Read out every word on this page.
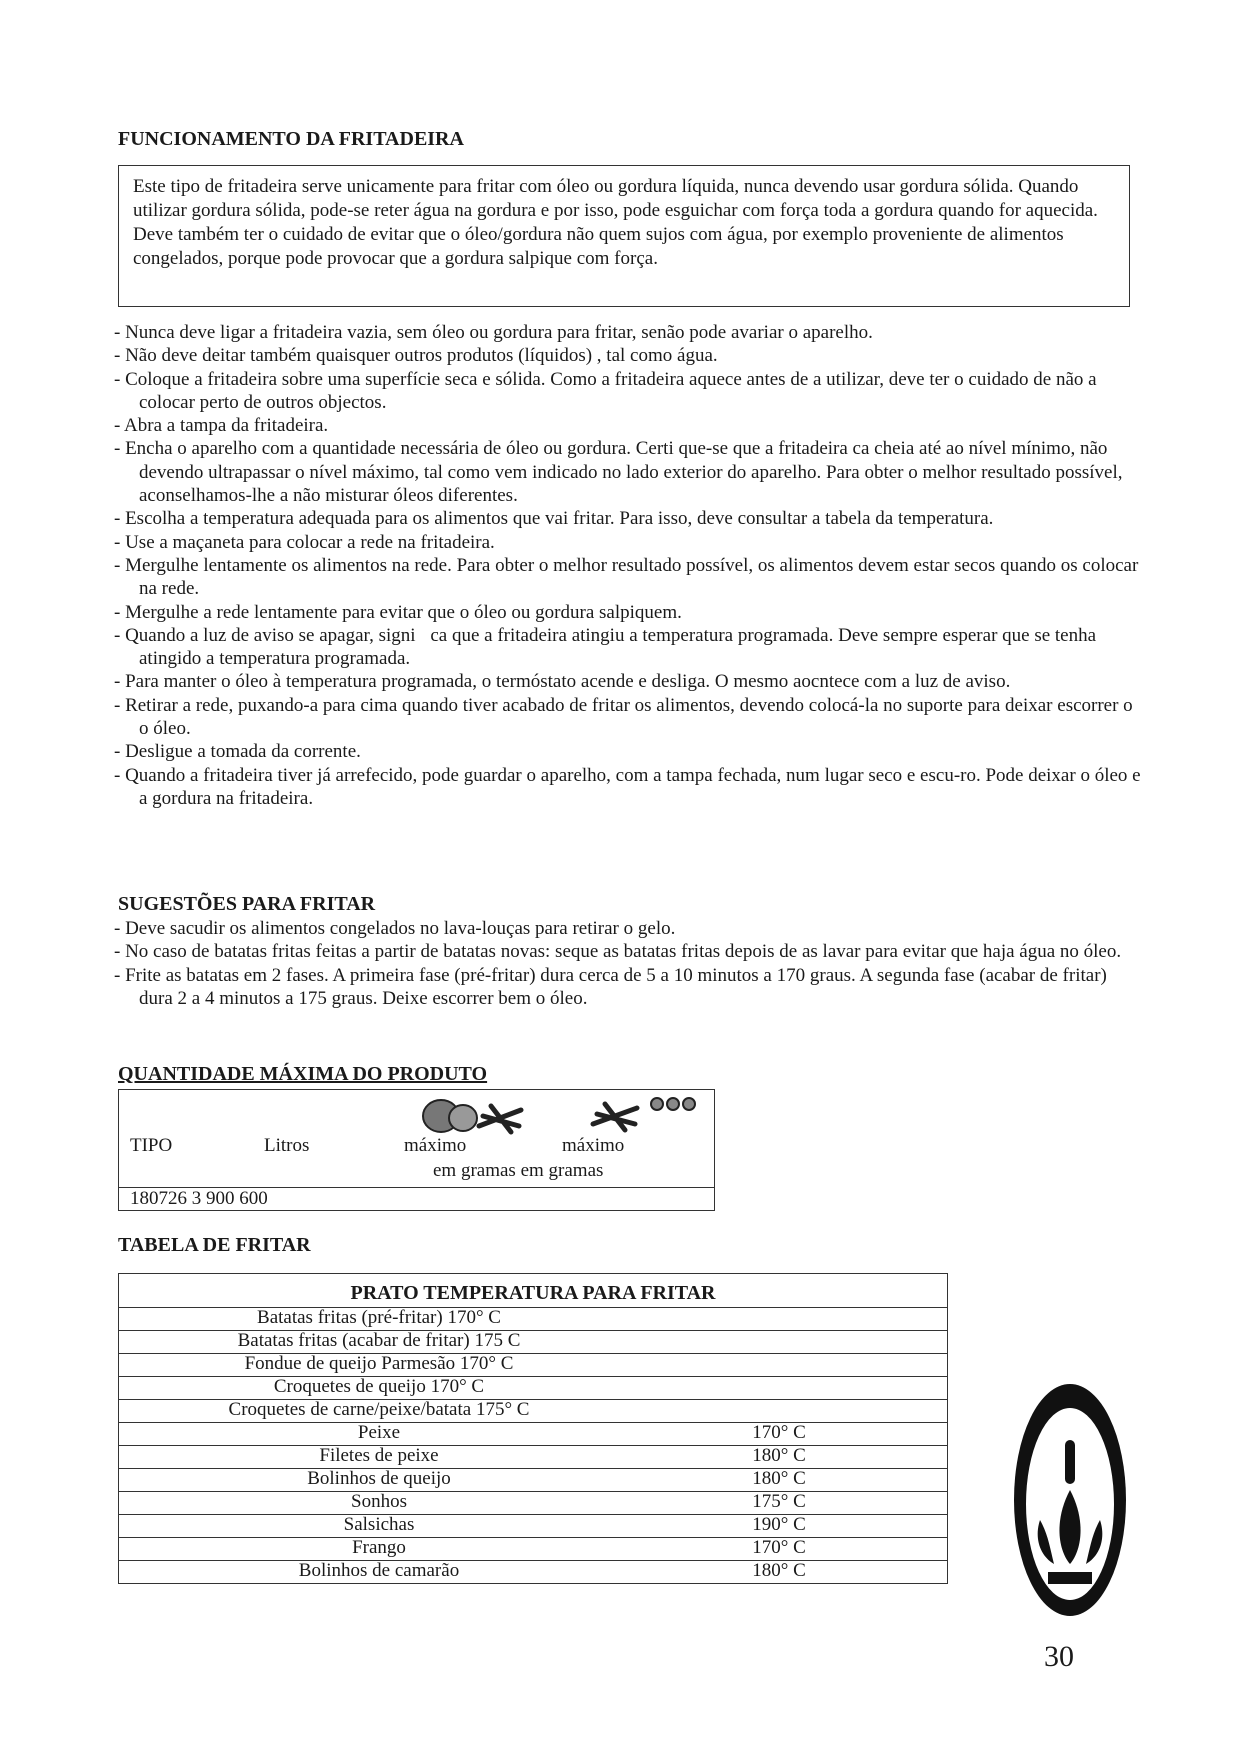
FUNCIONAMENTO DA FRITADEIRA

Este tipo de fritadeira serve unicamente para fritar com óleo ou gordura líquida, nunca devendo usar gordura sólida. Quando utilizar gordura sólida, pode-se reter água na gordura e por isso, pode esguichar com força toda a gordura quando for aquecida. Deve também ter o cuidado de evitar que o óleo/gordura não quem sujos com água, por exemplo proveniente de alimentos congelados, porque pode provocar que a gordura salpique com força.

- Nunca deve ligar a fritadeira vazia, sem óleo ou gordura para fritar, senão pode avariar o aparelho.
- Não deve deitar também quaisquer outros produtos (líquidos) , tal como água.
- Coloque a fritadeira sobre uma superfície seca e sólida. Como a fritadeira aquece antes de a utilizar, deve ter o cuidado de não a colocar perto de outros objectos.
- Abra a tampa da fritadeira.
- Encha o aparelho com a quantidade necessária de óleo ou gordura. Certi que-se que a fritadeira ca cheia até ao nível mínimo, não devendo ultrapassar o nível máximo, tal como vem indicado no lado exterior do aparelho. Para obter o melhor resultado possível, aconselhamos-lhe a não misturar óleos diferentes.
- Escolha a temperatura adequada para os alimentos que vai fritar. Para isso, deve consultar a tabela da temperatura.
- Use a maçaneta para colocar a rede na fritadeira.
- Mergulhe lentamente os alimentos na rede. Para obter o melhor resultado possível, os alimentos devem estar secos quando os colocar na rede.
- Mergulhe a rede lentamente para evitar que o óleo ou gordura salpiquem.
- Quando a luz de aviso se apagar, signi ca que a fritadeira atingiu a temperatura programada. Deve sempre esperar que se tenha atingido a temperatura programada.
- Para manter o óleo à temperatura programada, o termóstato acende e desliga. O mesmo aocntece com a luz de aviso.
- Retirar a rede, puxando-a para cima quando tiver acabado de fritar os alimentos, devendo colocá-la no suporte para deixar escorrer o o óleo.
- Desligue a tomada da corrente.
- Quando a fritadeira tiver já arrefecido, pode guardar o aparelho, com a tampa fechada, num lugar seco e escu-ro. Pode deixar o óleo e a gordura na fritadeira.
SUGESTÕES PARA FRITAR
- Deve sacudir os alimentos congelados no lava-louças para retirar o gelo.
- No caso de batatas fritas feitas a partir de batatas novas: seque as batatas fritas depois de as lavar para evitar que haja água no óleo.
- Frite as batatas em 2 fases. A primeira fase (pré-fritar) dura cerca de 5 a 10 minutos a 170 graus. A segunda fase (acabar de fritar) dura 2 a 4 minutos a 175 graus. Deixe escorrer bem o óleo.
QUANTIDADE MÁXIMA DO PRODUTO
TIPO	Litros	máximo	máximo
em gramas em gramas
180726 3 900 600
TABELA DE FRITAR
PRATO TEMPERATURA PARA FRITAR
Batatas fritas (pré-fritar) 170° C
Batatas fritas (acabar de fritar) 175 C
Fondue de queijo Parmesão 170° C
Croquetes de queijo 170° C
Croquetes de carne/peixe/batata 175° C
Peixe	170° C
Filetes de peixe	180° C
Bolinhos de queijo	180° C
Sonhos	175° C
Salsichas	190° C
Frango	170° C
Bolinhos de camarão	180° C
30
